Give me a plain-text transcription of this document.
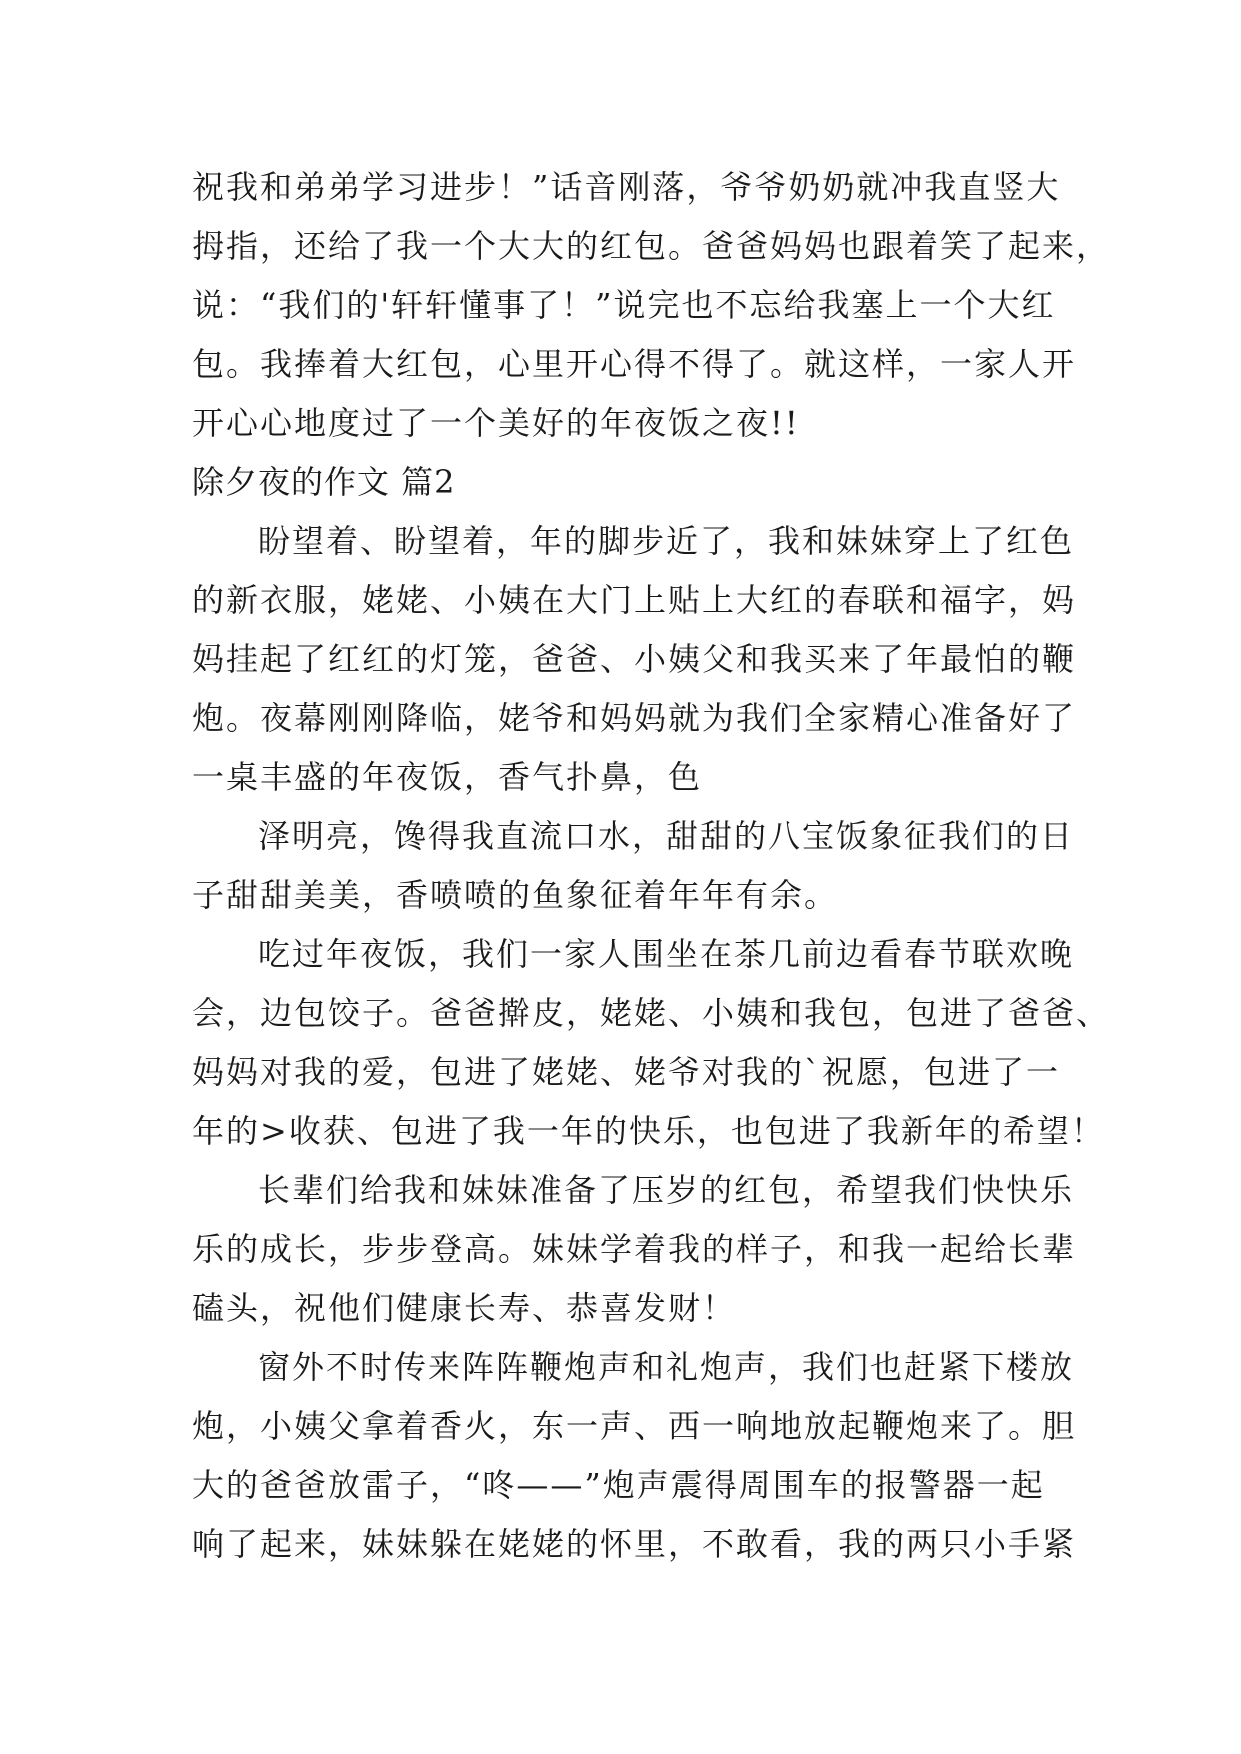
祝我和弟弟学习进步！”话音刚落，爷爷奶奶就冲我直竖大
拇指，还给了我一个大大的红包。爸爸妈妈也跟着笑了起来，
说：“我们的'轩轩懂事了！”说完也不忘给我塞上一个大红
包。我捧着大红包，心里开心得不得了。就这样，一家人开
开心心地度过了一个美好的年夜饭之夜!!
除夕夜的作文 篇2
盼望着、盼望着，年的脚步近了，我和妹妹穿上了红色
的新衣服，姥姥、小姨在大门上贴上大红的春联和福字，妈
妈挂起了红红的灯笼，爸爸、小姨父和我买来了年最怕的鞭
炮。夜幕刚刚降临，姥爷和妈妈就为我们全家精心准备好了
一桌丰盛的年夜饭，香气扑鼻，色
泽明亮，馋得我直流口水，甜甜的八宝饭象征我们的日
子甜甜美美，香喷喷的鱼象征着年年有余。
吃过年夜饭，我们一家人围坐在茶几前边看春节联欢晚
会，边包饺子。爸爸擀皮，姥姥、小姨和我包，包进了爸爸、
妈妈对我的爱，包进了姥姥、姥爷对我的`祝愿，包进了一
年的>收获、包进了我一年的快乐，也包进了我新年的希望！
长辈们给我和妹妹准备了压岁的红包，希望我们快快乐
乐的成长，步步登高。妹妹学着我的样子，和我一起给长辈
磕头，祝他们健康长寿、恭喜发财！
窗外不时传来阵阵鞭炮声和礼炮声，我们也赶紧下楼放
炮，小姨父拿着香火，东一声、西一响地放起鞭炮来了。胆
大的爸爸放雷子，“咚——”炮声震得周围车的报警器一起
响了起来，妹妹躲在姥姥的怀里，不敢看，我的两只小手紧
